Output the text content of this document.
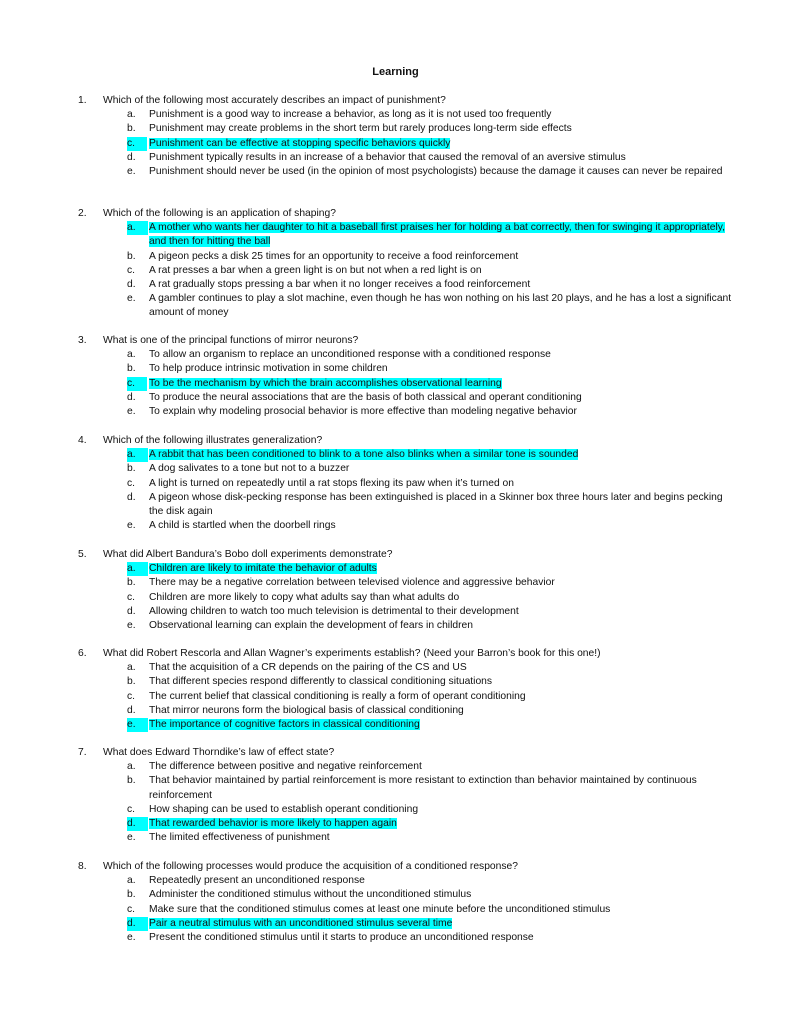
Learning
1. Which of the following most accurately describes an impact of punishment?
a. Punishment is a good way to increase a behavior, as long as it is not used too frequently
b. Punishment may create problems in the short term but rarely produces long-term side effects
c.	Punishment can be effective at stopping specific behaviors quickly
d. Punishment typically results in an increase of a behavior that caused the removal of an aversive stimulus
e. Punishment should never be used (in the opinion of most psychologists) because the damage it causes can never be repaired
2. Which of the following is an application of shaping?
a.	A mother who wants her daughter to hit a baseball first praises her for holding a bat correctly, then for swinging it appropriately, and then for hitting the ball
b. A pigeon pecks a disk 25 times for an opportunity to receive a food reinforcement
c. A rat presses a bar when a green light is on but not when a red light is on
d. A rat gradually stops pressing a bar when it no longer receives a food reinforcement
e. A gambler continues to play a slot machine, even though he has won nothing on his last 20 plays, and he has a lost a significant amount of money
3. What is one of the principal functions of mirror neurons?
a. To allow an organism to replace an unconditioned response with a conditioned response
b. To help produce intrinsic motivation in some children
c.	To be the mechanism by which the brain accomplishes observational learning
d. To produce the neural associations that are the basis of both classical and operant conditioning
e. To explain why modeling prosocial behavior is more effective than modeling negative behavior
4. Which of the following illustrates generalization?
a.	A rabbit that has been conditioned to blink to a tone also blinks when a similar tone is sounded
b. A dog salivates to a tone but not to a buzzer
c. A light is turned on repeatedly until a rat stops flexing its paw when it’s turned on
d. A pigeon whose disk-pecking response has been extinguished is placed in a Skinner box three hours later and begins pecking the disk again
e. A child is startled when the doorbell rings
5. What did Albert Bandura’s Bobo doll experiments demonstrate?
a.	Children are likely to imitate the behavior of adults
b. There may be a negative correlation between televised violence and aggressive behavior
c. Children are more likely to copy what adults say than what adults do
d. Allowing children to watch too much television is detrimental to their development
e. Observational learning can explain the development of fears in children
6. What did Robert Rescorla and Allan Wagner’s experiments establish? (Need your Barron’s book for this one!)
a. That the acquisition of a CR depends on the pairing of the CS and US
b. That different species respond differently to classical conditioning situations
c. The current belief that classical conditioning is really a form of operant conditioning
d. That mirror neurons form the biological basis of classical conditioning
e.	The importance of cognitive factors in classical conditioning
7. What does Edward Thorndike’s law of effect state?
a. The difference between positive and negative reinforcement
b. That behavior maintained by partial reinforcement is more resistant to extinction than behavior maintained by continuous reinforcement
c. How shaping can be used to establish operant conditioning
d.	That rewarded behavior is more likely to happen again
e. The limited effectiveness of punishment
8. Which of the following processes would produce the acquisition of a conditioned response?
a. Repeatedly present an unconditioned response
b. Administer the conditioned stimulus without the unconditioned stimulus
c. Make sure that the conditioned stimulus comes at least one minute before the unconditioned stimulus
d.	Pair a neutral stimulus with an unconditioned stimulus several time
e. Present the conditioned stimulus until it starts to produce an unconditioned response
